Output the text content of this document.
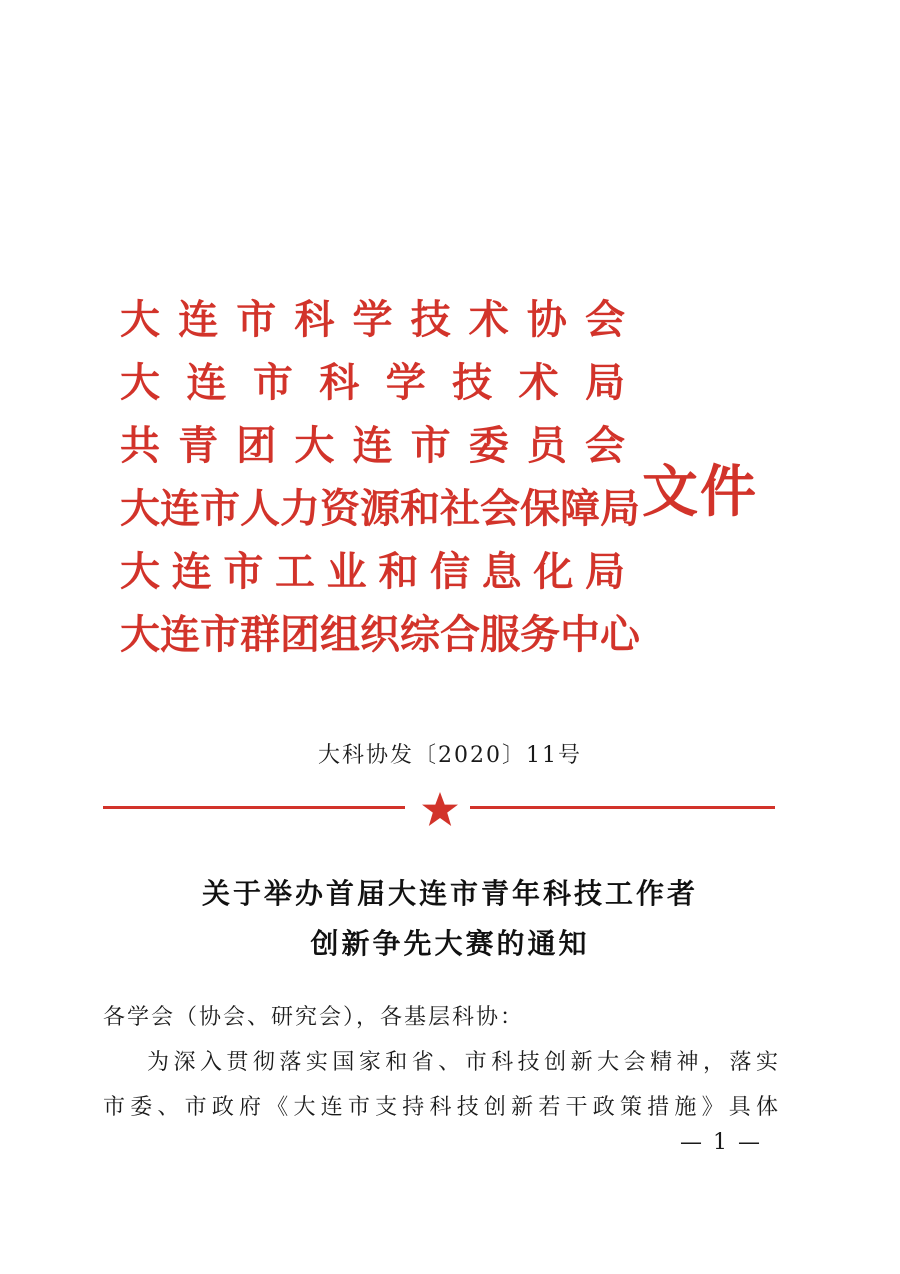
大连市科学技术协会
大连市科学技术局
共青团大连市委员会
大连市人力资源和社会保障局
大连市工业和信息化局
大连市群团组织综合服务中心
文件
大科协发〔2020〕11号
关于举办首届大连市青年科技工作者
创新争先大赛的通知
各学会（协会、研究会），各基层科协：
为深入贯彻落实国家和省、市科技创新大会精神，落实
市委、市政府《大连市支持科技创新若干政策措施》具体
— 1 —
